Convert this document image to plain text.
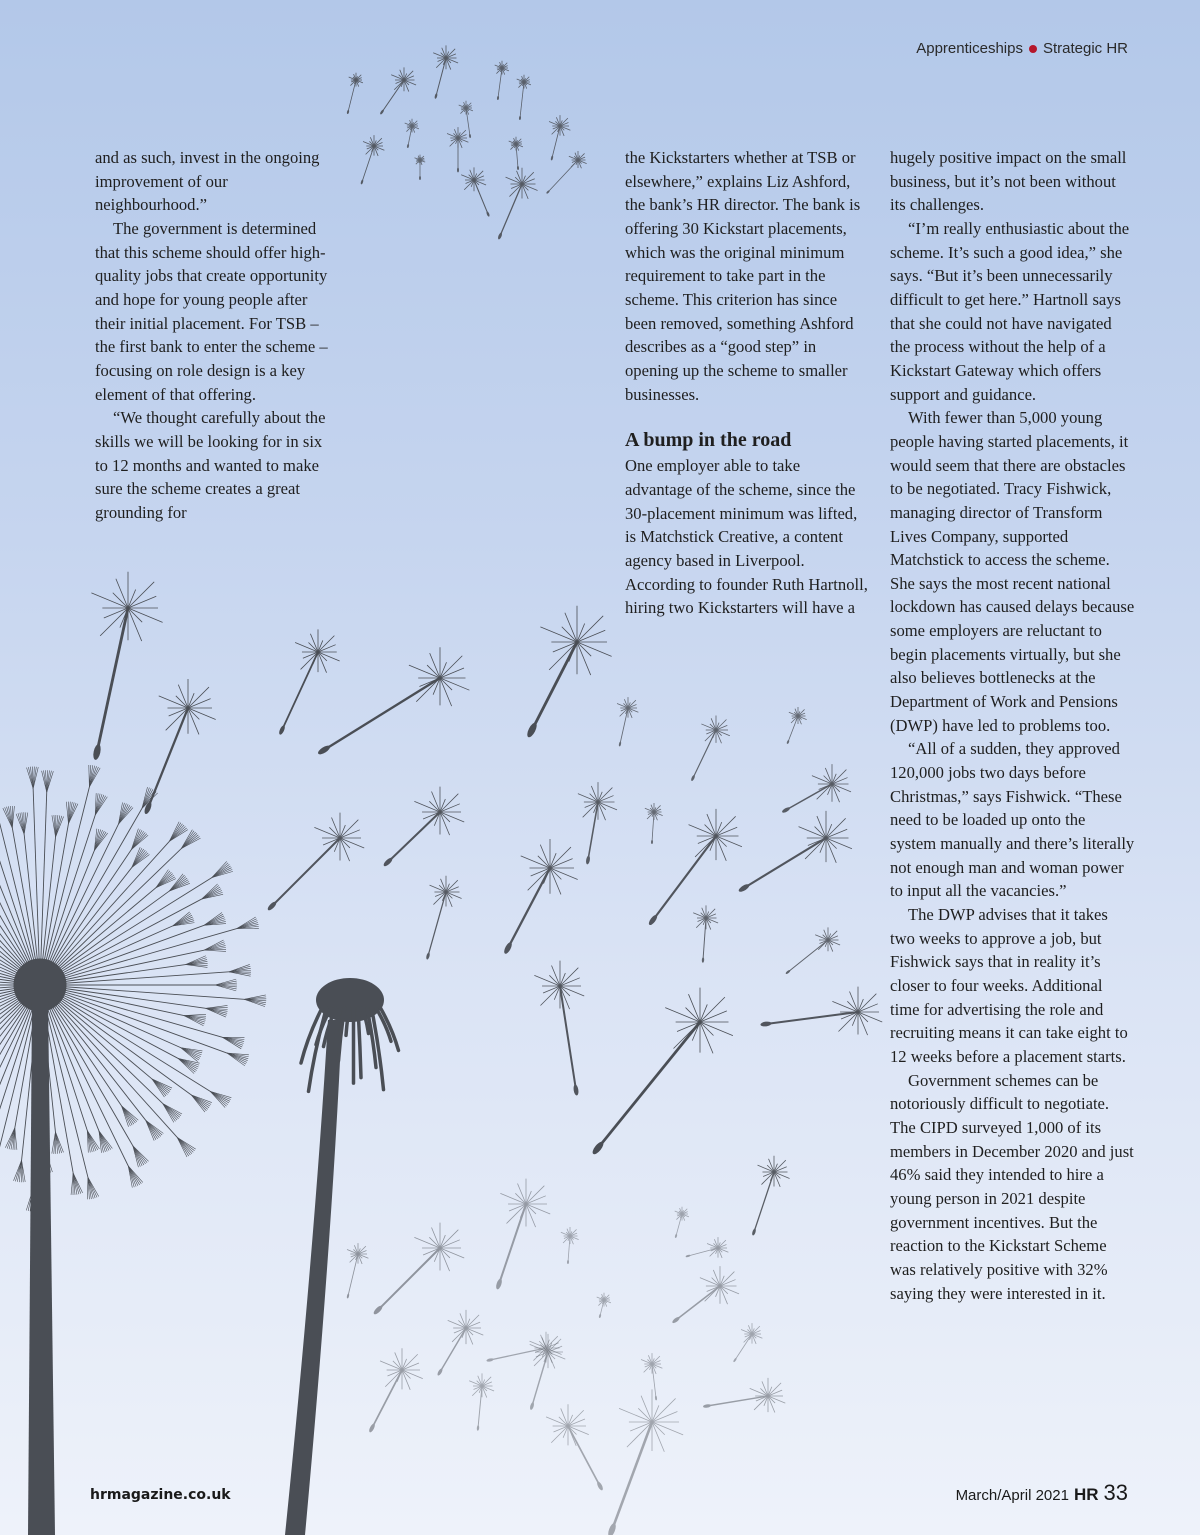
Apprenticeships Strategic HR

and as such, invest in the ongoing improvement of our neighbourhood.”

The government is determined that this scheme should offer high-quality jobs that create opportunity and hope for young people after their initial placement. For TSB – the first bank to enter the scheme – focusing on role design is a key element of that offering.

“We thought carefully about the skills we will be looking for in six to 12 months and wanted to make sure the scheme creates a great grounding for

the Kickstarters whether at TSB or elsewhere,” explains Liz Ashford, the bank’s HR director. The bank is offering 30 Kickstart placements, which was the original minimum requirement to take part in the scheme. This criterion has since been removed, something Ashford describes as a “good step” in opening up the scheme to smaller businesses.

A bump in the road

One employer able to take advantage of the scheme, since the 30-placement minimum was lifted, is Matchstick Creative, a content agency based in Liverpool. According to founder Ruth Hartnoll, hiring two Kickstarters will have a

hugely positive impact on the small business, but it’s not been without its challenges.

“I’m really enthusiastic about the scheme. It’s such a good idea,” she says. “But it’s been unnecessarily difficult to get here.” Hartnoll says that she could not have navigated the process without the help of a Kickstart Gateway which offers support and guidance.

With fewer than 5,000 young people having started placements, it would seem that there are obstacles to be negotiated. Tracy Fishwick, managing director of Transform Lives Company, supported Matchstick to access the scheme. She says the most recent national lockdown has caused delays because some employers are reluctant to begin placements virtually, but she also believes bottlenecks at the Department of Work and Pensions (DWP) have led to problems too.

“All of a sudden, they approved 120,000 jobs two days before Christmas,” says Fishwick. “These need to be loaded up onto the system manually and there’s literally not enough man and woman power to input all the vacancies.”

The DWP advises that it takes two weeks to approve a job, but Fishwick says that in reality it’s closer to four weeks. Additional time for advertising the role and recruiting means it can take eight to 12 weeks before a placement starts.

Government schemes can be notoriously difficult to negotiate. The CIPD surveyed 1,000 of its members in December 2020 and just 46% said they intended to hire a young person in 2021 despite government incentives. But the reaction to the Kickstart Scheme was relatively positive with 32% saying they were interested in it.

hrmagazine.co.uk	March/April 2021 HR 33
